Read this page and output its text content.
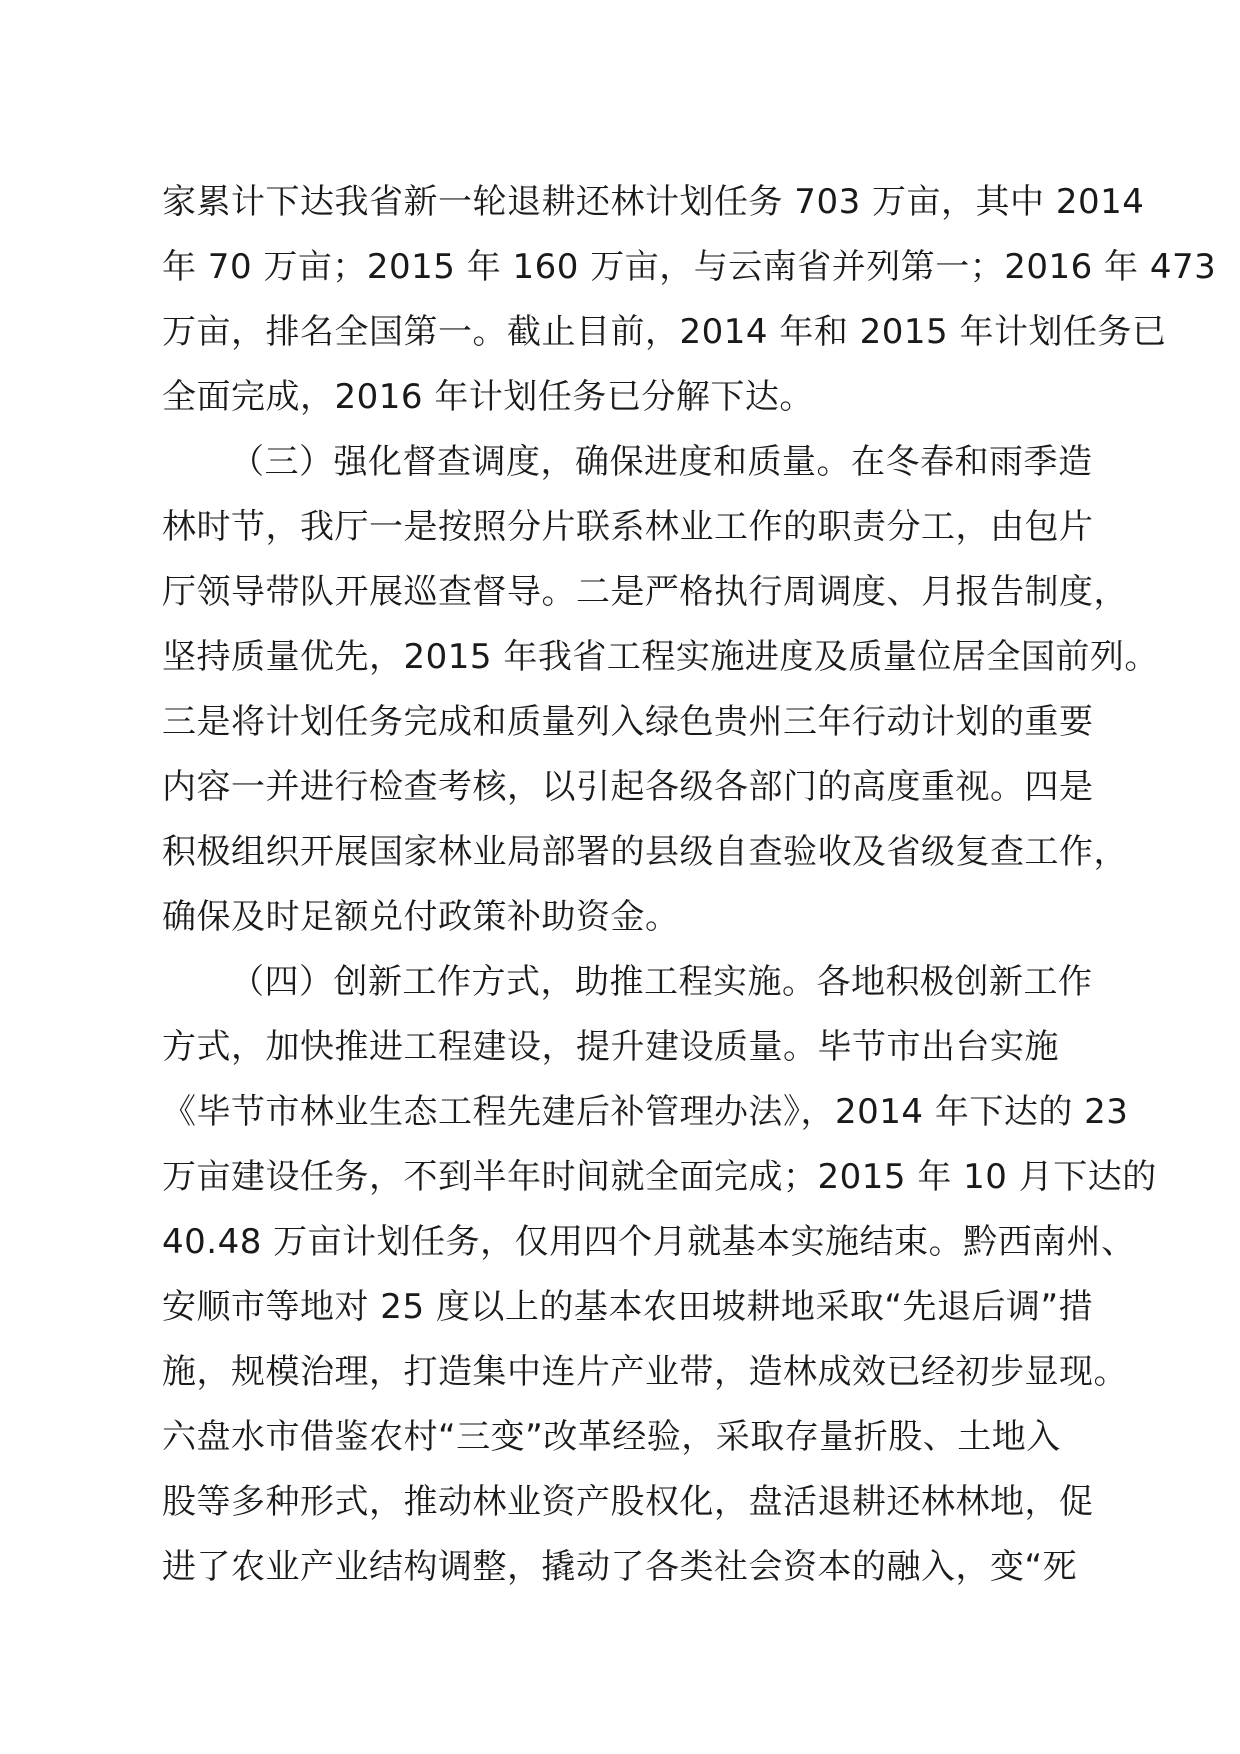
家累计下达我省新一轮退耕还林计划任务 703 万亩，其中 2014
年 70 万亩；2015 年 160 万亩，与云南省并列第一；2016 年 473
万亩，排名全国第一。截止目前，2014 年和 2015 年计划任务已
全面完成，2016 年计划任务已分解下达。
（三）强化督查调度，确保进度和质量。在冬春和雨季造
林时节，我厅一是按照分片联系林业工作的职责分工，由包片
厅领导带队开展巡查督导。二是严格执行周调度、月报告制度，
坚持质量优先，2015 年我省工程实施进度及质量位居全国前列。
三是将计划任务完成和质量列入绿色贵州三年行动计划的重要
内容一并进行检查考核，以引起各级各部门的高度重视。四是
积极组织开展国家林业局部署的县级自查验收及省级复查工作，
确保及时足额兑付政策补助资金。
（四）创新工作方式，助推工程实施。各地积极创新工作
方式，加快推进工程建设，提升建设质量。毕节市出台实施
《毕节市林业生态工程先建后补管理办法》，2014 年下达的 23
万亩建设任务，不到半年时间就全面完成；2015 年 10 月下达的
40.48 万亩计划任务，仅用四个月就基本实施结束。黔西南州、
安顺市等地对 25 度以上的基本农田坡耕地采取“先退后调”措
施，规模治理，打造集中连片产业带，造林成效已经初步显现。
六盘水市借鉴农村“三变”改革经验，采取存量折股、土地入
股等多种形式，推动林业资产股权化，盘活退耕还林林地，促
进了农业产业结构调整，撬动了各类社会资本的融入，变“死
